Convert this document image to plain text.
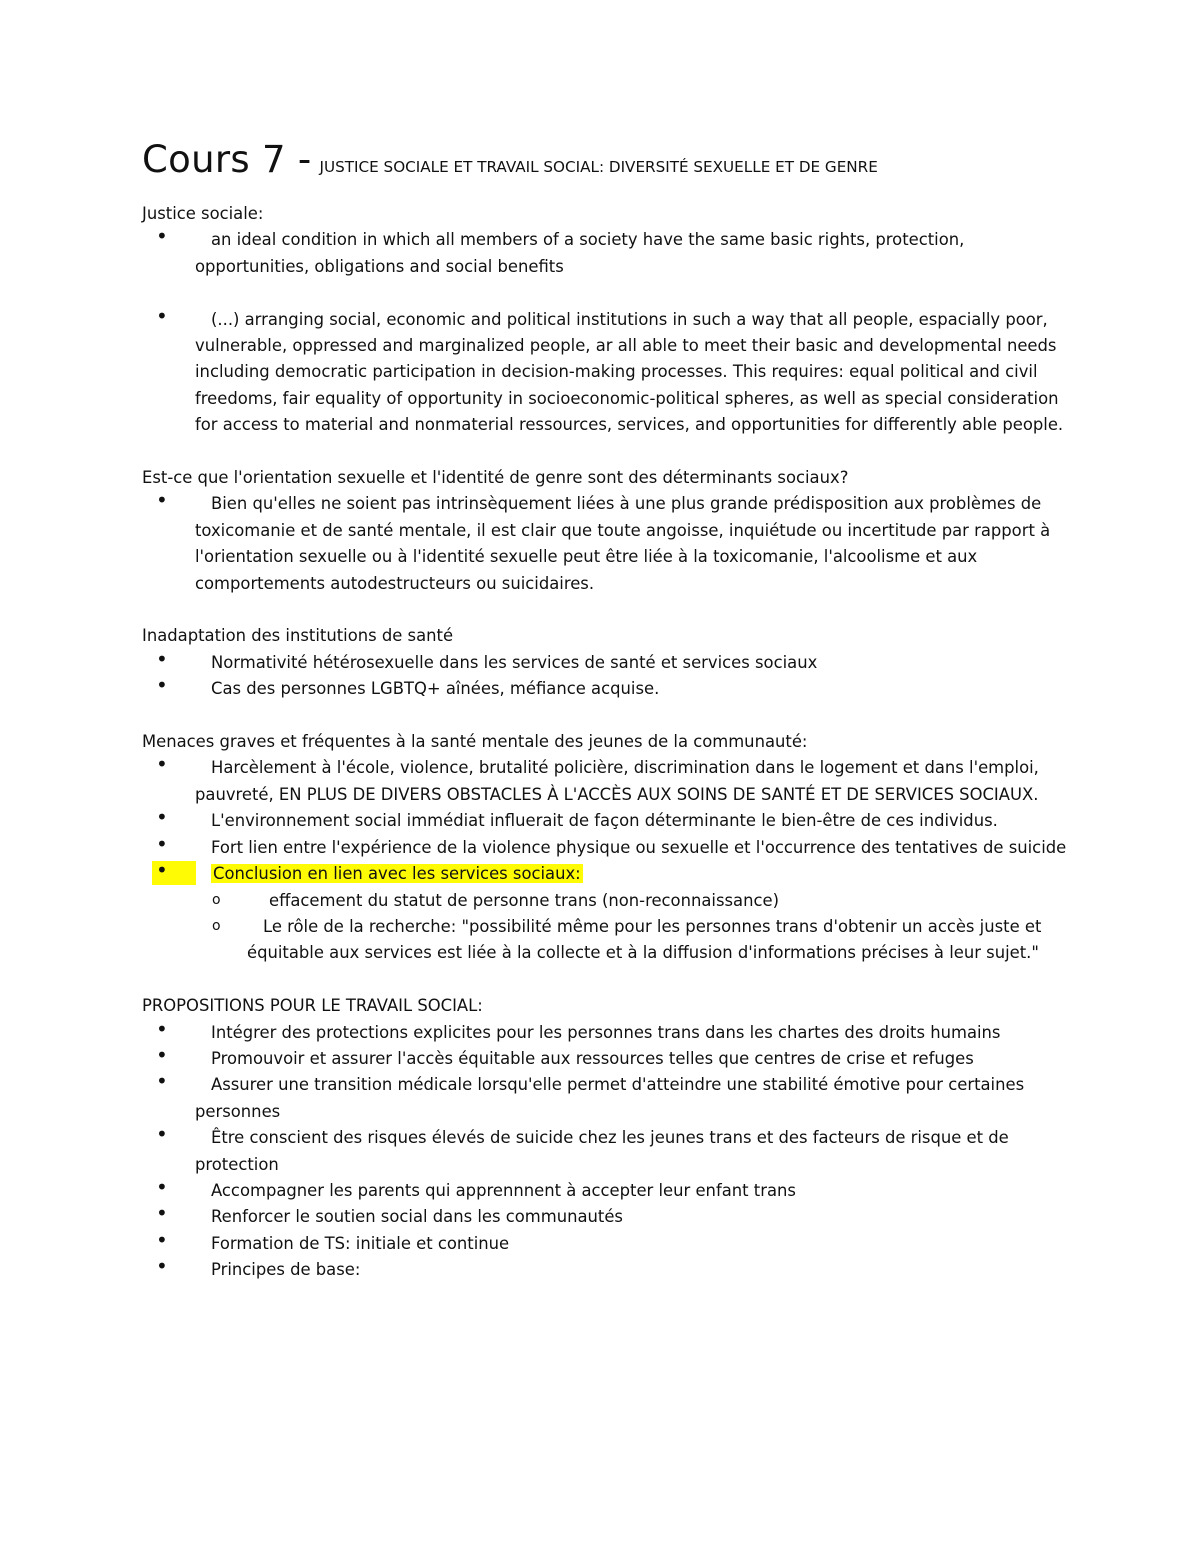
Cours 7 - JUSTICE SOCIALE ET TRAVAIL SOCIAL: DIVERSITÉ SEXUELLE ET DE GENRE

Justice sociale:

•	an ideal condition in which all members of a society have the same basic rights, protection, opportunities, obligations and social benefits
•	(...) arranging social, economic and political institutions in such a way that all people, espacially poor, vulnerable, oppressed and marginalized people, ar all able to meet their basic and developmental needs including democratic participation in decision-making processes. This requires: equal political and civil freedoms, fair equality of opportunity in socioeconomic-political spheres, as well as special consideration for access to material and nonmaterial ressources, services, and opportunities for differently able people.

Est-ce que l'orientation sexuelle et l'identité de genre sont des déterminants sociaux?

•	Bien qu'elles ne soient pas intrinsèquement liées à une plus grande prédisposition aux problèmes de toxicomanie et de santé mentale, il est clair que toute angoisse, inquiétude ou incertitude par rapport à l'orientation sexuelle ou à l'identité sexuelle peut être liée à la toxicomanie, l'alcoolisme et aux comportements autodestructeurs ou suicidaires.

Inadaptation des institutions de santé

•	Normativité hétérosexuelle dans les services de santé et services sociaux
•	Cas des personnes LGBTQ+ aînées, méfiance acquise.

Menaces graves et fréquentes à la santé mentale des jeunes de la communauté:

•	Harcèlement à l'école, violence, brutalité policière, discrimination dans le logement et dans l'emploi, pauvreté, EN PLUS DE DIVERS OBSTACLES À L'ACCÈS AUX SOINS DE SANTÉ ET DE SERVICES SOCIAUX.
•	L'environnement social immédiat influerait de façon déterminante le bien-être de ces individus.
•	Fort lien entre l'expérience de la violence physique ou sexuelle et l'occurrence des tentatives de suicide
•	Conclusion en lien avec les services sociaux:
o	effacement du statut de personne trans (non-reconnaissance)
o	Le rôle de la recherche: "possibilité même pour les personnes trans d'obtenir un accès juste et équitable aux services est liée à la collecte et à la diffusion d'informations précises à leur sujet."

PROPOSITIONS POUR LE TRAVAIL SOCIAL:

•	Intégrer des protections explicites pour les personnes trans dans les chartes des droits humains
•	Promouvoir et assurer l'accès équitable aux ressources telles que centres de crise et refuges
•	Assurer une transition médicale lorsqu'elle permet d'atteindre une stabilité émotive pour certaines personnes
•	Être conscient des risques élevés de suicide chez les jeunes trans et des facteurs de risque et de protection
•	Accompagner les parents qui apprennnent à accepter leur enfant trans
•	Renforcer le soutien social dans les communautés
•	Formation de TS: initiale et continue
•	Principes de base:
